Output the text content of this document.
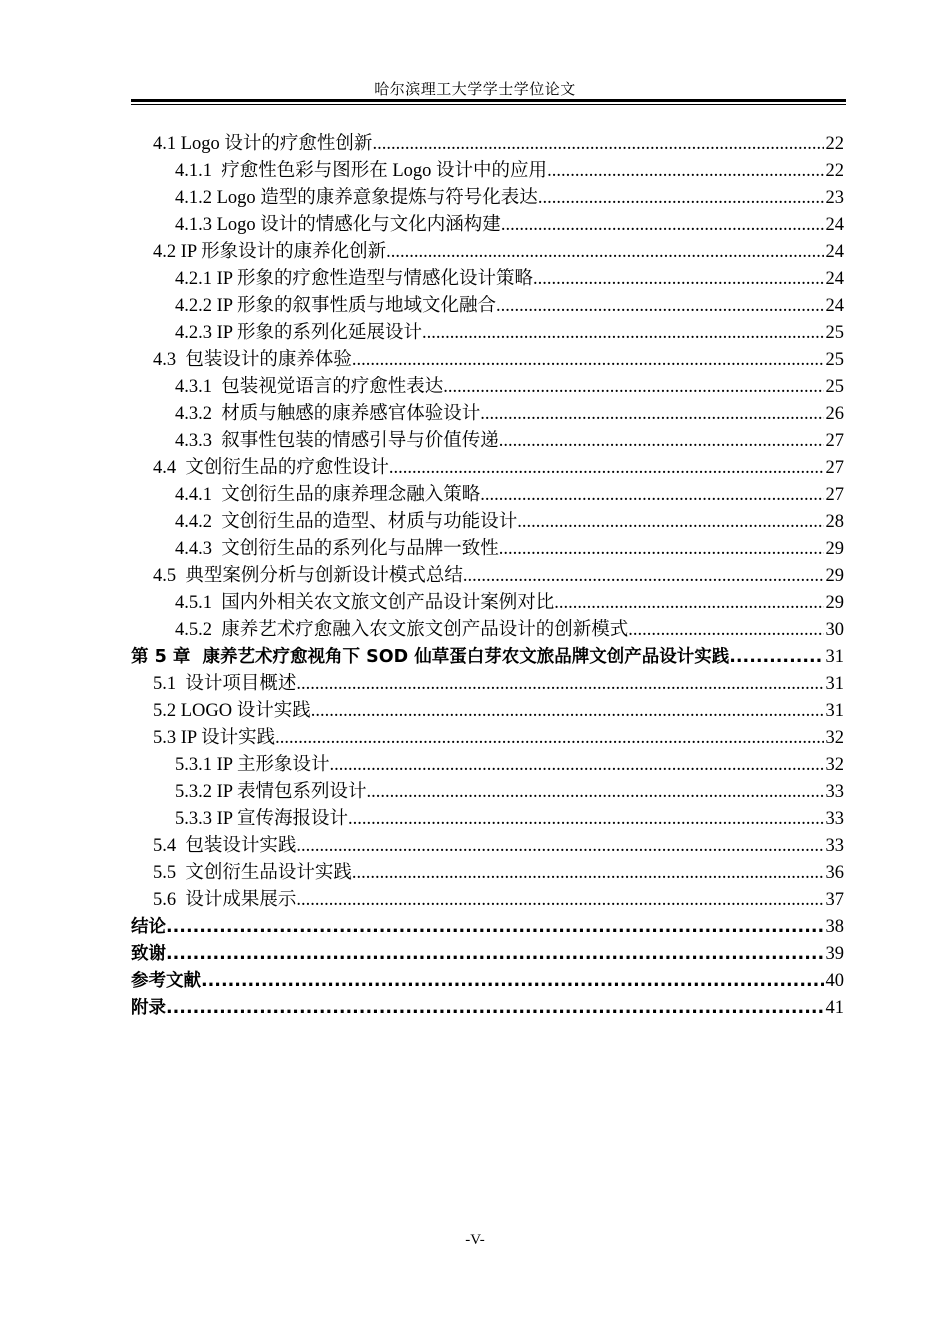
哈尔滨理工大学学士学位论文
4.1 Logo 设计的疗愈性创新 .....	22
4.1.1  疗愈性色彩与图形在 Logo 设计中的应用 .....	22
4.1.2 Logo 造型的康养意象提炼与符号化表达 .....	23
4.1.3 Logo 设计的情感化与文化内涵构建 .....	24
4.2 IP 形象设计的康养化创新 .....	24
4.2.1 IP 形象的疗愈性造型与情感化设计策略 .....	24
4.2.2 IP 形象的叙事性质与地域文化融合 .....	24
4.2.3 IP 形象的系列化延展设计 .....	25
4.3  包装设计的康养体验 .....	25
4.3.1  包装视觉语言的疗愈性表达 .....	25
4.3.2  材质与触感的康养感官体验设计 .....	26
4.3.3  叙事性包装的情感引导与价值传递 .....	27
4.4  文创衍生品的疗愈性设计 .....	27
4.4.1  文创衍生品的康养理念融入策略 .....	27
4.4.2  文创衍生品的造型、材质与功能设计 .....	28
4.4.3  文创衍生品的系列化与品牌一致性 .....	29
4.5  典型案例分析与创新设计模式总结 .....	29
4.5.1  国内外相关农文旅文创产品设计案例对比 .....	29
4.5.2  康养艺术疗愈融入农文旅文创产品设计的创新模式 .....	30
第 5 章  康养艺术疗愈视角下 SOD 仙草蛋白芽农文旅品牌文创产品设计实践 .....	31
5.1  设计项目概述 .....	31
5.2 LOGO 设计实践 .....	31
5.3 IP 设计实践 .....	32
5.3.1 IP 主形象设计 .....	32
5.3.2 IP 表情包系列设计 .....	33
5.3.3 IP 宣传海报设计 .....	33
5.4  包装设计实践 .....	33
5.5  文创衍生品设计实践 .....	36
5.6  设计成果展示 .....	37
结论 .....	38
致谢 .....	39
参考文献 .....	40
附录 .....	41
-V-
